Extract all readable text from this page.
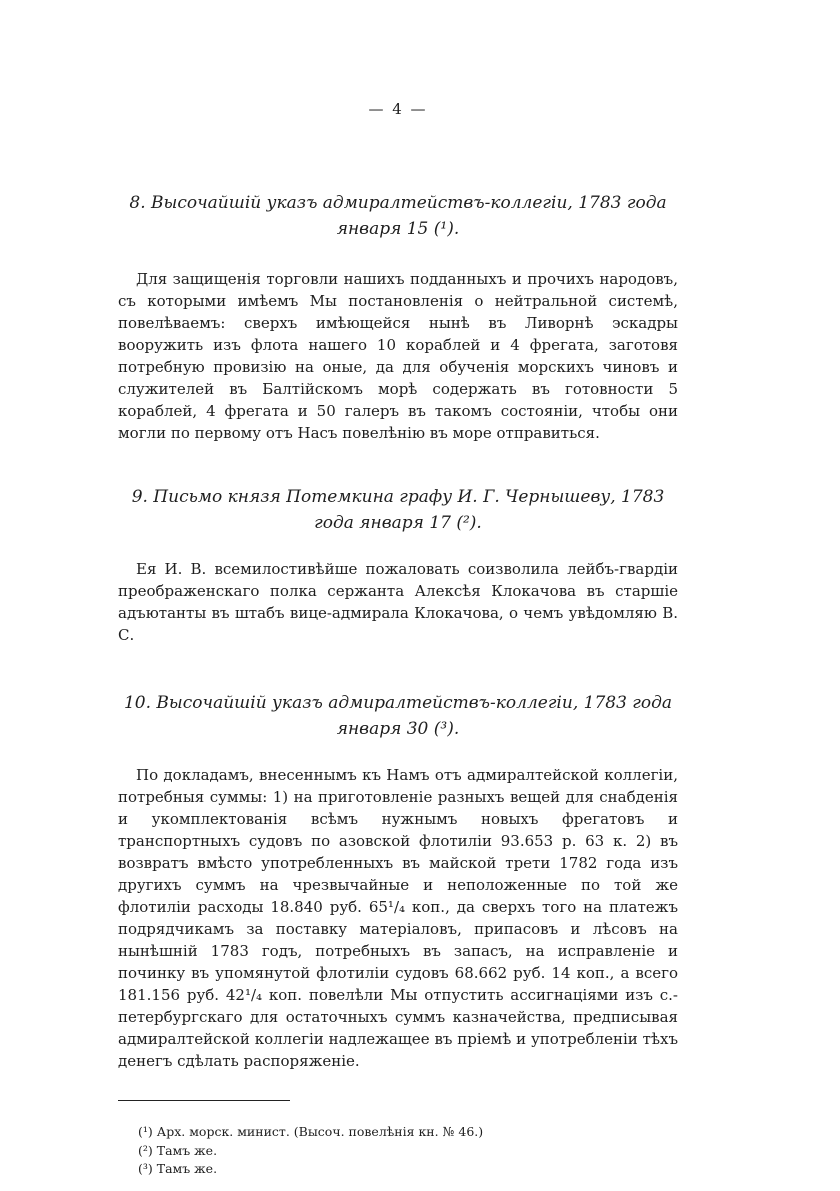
— 4 —

8. Высочайшій указъ адмиралтействъ-коллегіи, 1783 года января 15 (¹).

Для защищенія торговли нашихъ подданныхъ и прочихъ народовъ, съ которыми имѣемъ Мы постановленія о нейтральной системѣ, повелѣваемъ: сверхъ имѣющейся нынѣ въ Ливорнѣ эскадры вооружить изъ флота нашего 10 кораблей и 4 фрегата, заготовя потребную провизію на оные, да для обученія морскихъ чиновъ и служителей въ Балтійскомъ морѣ содержать въ готовности 5 кораблей, 4 фрегата и 50 галеръ въ такомъ состояніи, чтобы они могли по первому отъ Насъ повелѣнію въ море отправиться.

9. Письмо князя Потемкина графу И. Г. Чернышеву, 1783 года января 17 (²).

Ея И. В. всемилостивѣйше пожаловать соизволила лейбъ-гвардіи преображенскаго полка сержанта Алексѣя Клокачова въ старшіе адъютанты въ штабъ вице-адмирала Клокачова, о чемъ увѣдомляю В. С.

10. Высочайшій указъ адмиралтействъ-коллегіи, 1783 года января 30 (³).

По докладамъ, внесеннымъ къ Намъ отъ адмиралтейской коллегіи, потребныя суммы: 1) на приготовленіе разныхъ вещей для снабденія и укомплектованія всѣмъ нужнымъ новыхъ фрегатовъ и транспортныхъ судовъ по азовской флотиліи 93.653 р. 63 к. 2) въ возвратъ вмѣсто употребленныхъ въ майской трети 1782 года изъ другихъ суммъ на чрезвычайные и неположенные по той же флотиліи расходы 18.840 руб. 65¹/₄ коп., да сверхъ того на платежъ подрядчикамъ за поставку матеріаловъ, припасовъ и лѣсовъ на нынѣшній 1783 годъ, потребныхъ въ запасъ, на исправленіе и починку въ упомянутой флотиліи судовъ 68.662 руб. 14 коп., а всего 181.156 руб. 42¹/₄ коп. повелѣли Мы отпустить ассигнаціями изъ с.-петербургскаго для остаточныхъ суммъ казначейства, предписывая адмиралтейской коллегіи надлежащее въ пріемѣ и употребленіи тѣхъ денегъ сдѣлать распоряженіе.

(¹) Арх. морск. минист. (Высоч. повелѣнія кн. № 46.)

(²) Тамъ же.

(³) Тамъ же.
